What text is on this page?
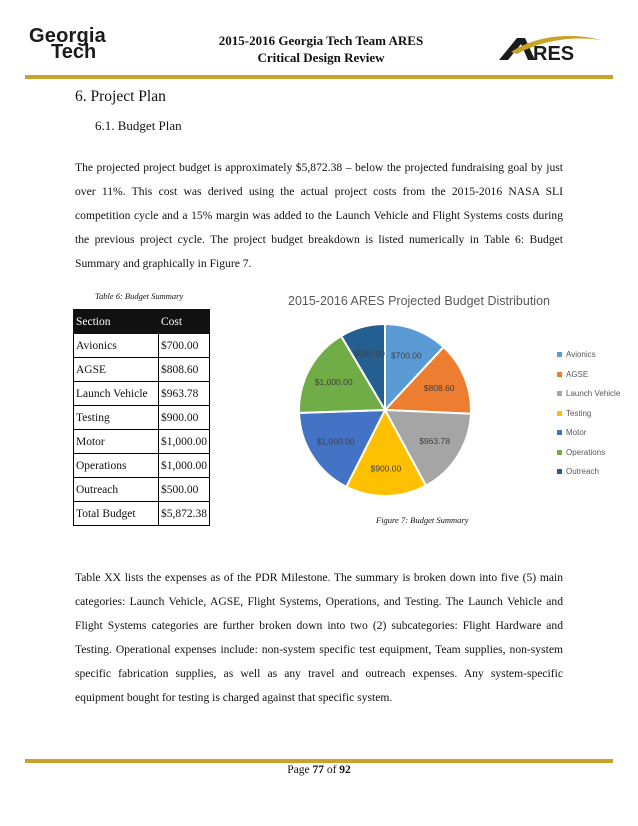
Georgia
Tech
2015-2016 Georgia Tech Team ARES
Critical Design Review	RES
6. Project Plan
6.1. Budget Plan
The projected project budget is approximately $5,872.38 – below the projected fundraising goal by just over 11%. This cost was derived using the actual project costs from the 2015-2016 NASA SLI competition cycle and a 15% margin was added to the Launch Vehicle and Flight Systems costs during the previous project cycle. The project budget breakdown is listed numerically in Table 6: Budget Summary and graphically in Figure 7.
Table 6: Budget Summary
Section	Cost
Avionics	$700.00
AGSE	$808.60
Launch Vehicle	$963.78
Testing	$900.00
Motor	$1,000.00
Operations	$1,000.00
Outreach	$500.00
Total Budget	$5,872.38
2015-2016 ARES Projected Budget Distribution
$700.00
$808.60
$963.78
$900.00
$1,000.00
$1,000.00
$500.00	Avionics
AGSE
Launch Vehicle
Testing
Motor
Operations
Outreach
Figure 7: Budget Summary
Table XX lists the expenses as of the PDR Milestone. The summary is broken down into five (5) main categories: Launch Vehicle, AGSE, Flight Systems, Operations, and Testing. The Launch Vehicle and Flight Systems categories are further broken down into two (2) subcategories: Flight Hardware and Testing. Operational expenses include: non-system specific test equipment, Team supplies, non-system specific fabrication supplies, as well as any travel and outreach expenses. Any system-specific equipment bought for testing is charged against that specific system.
Page 77 of 92
